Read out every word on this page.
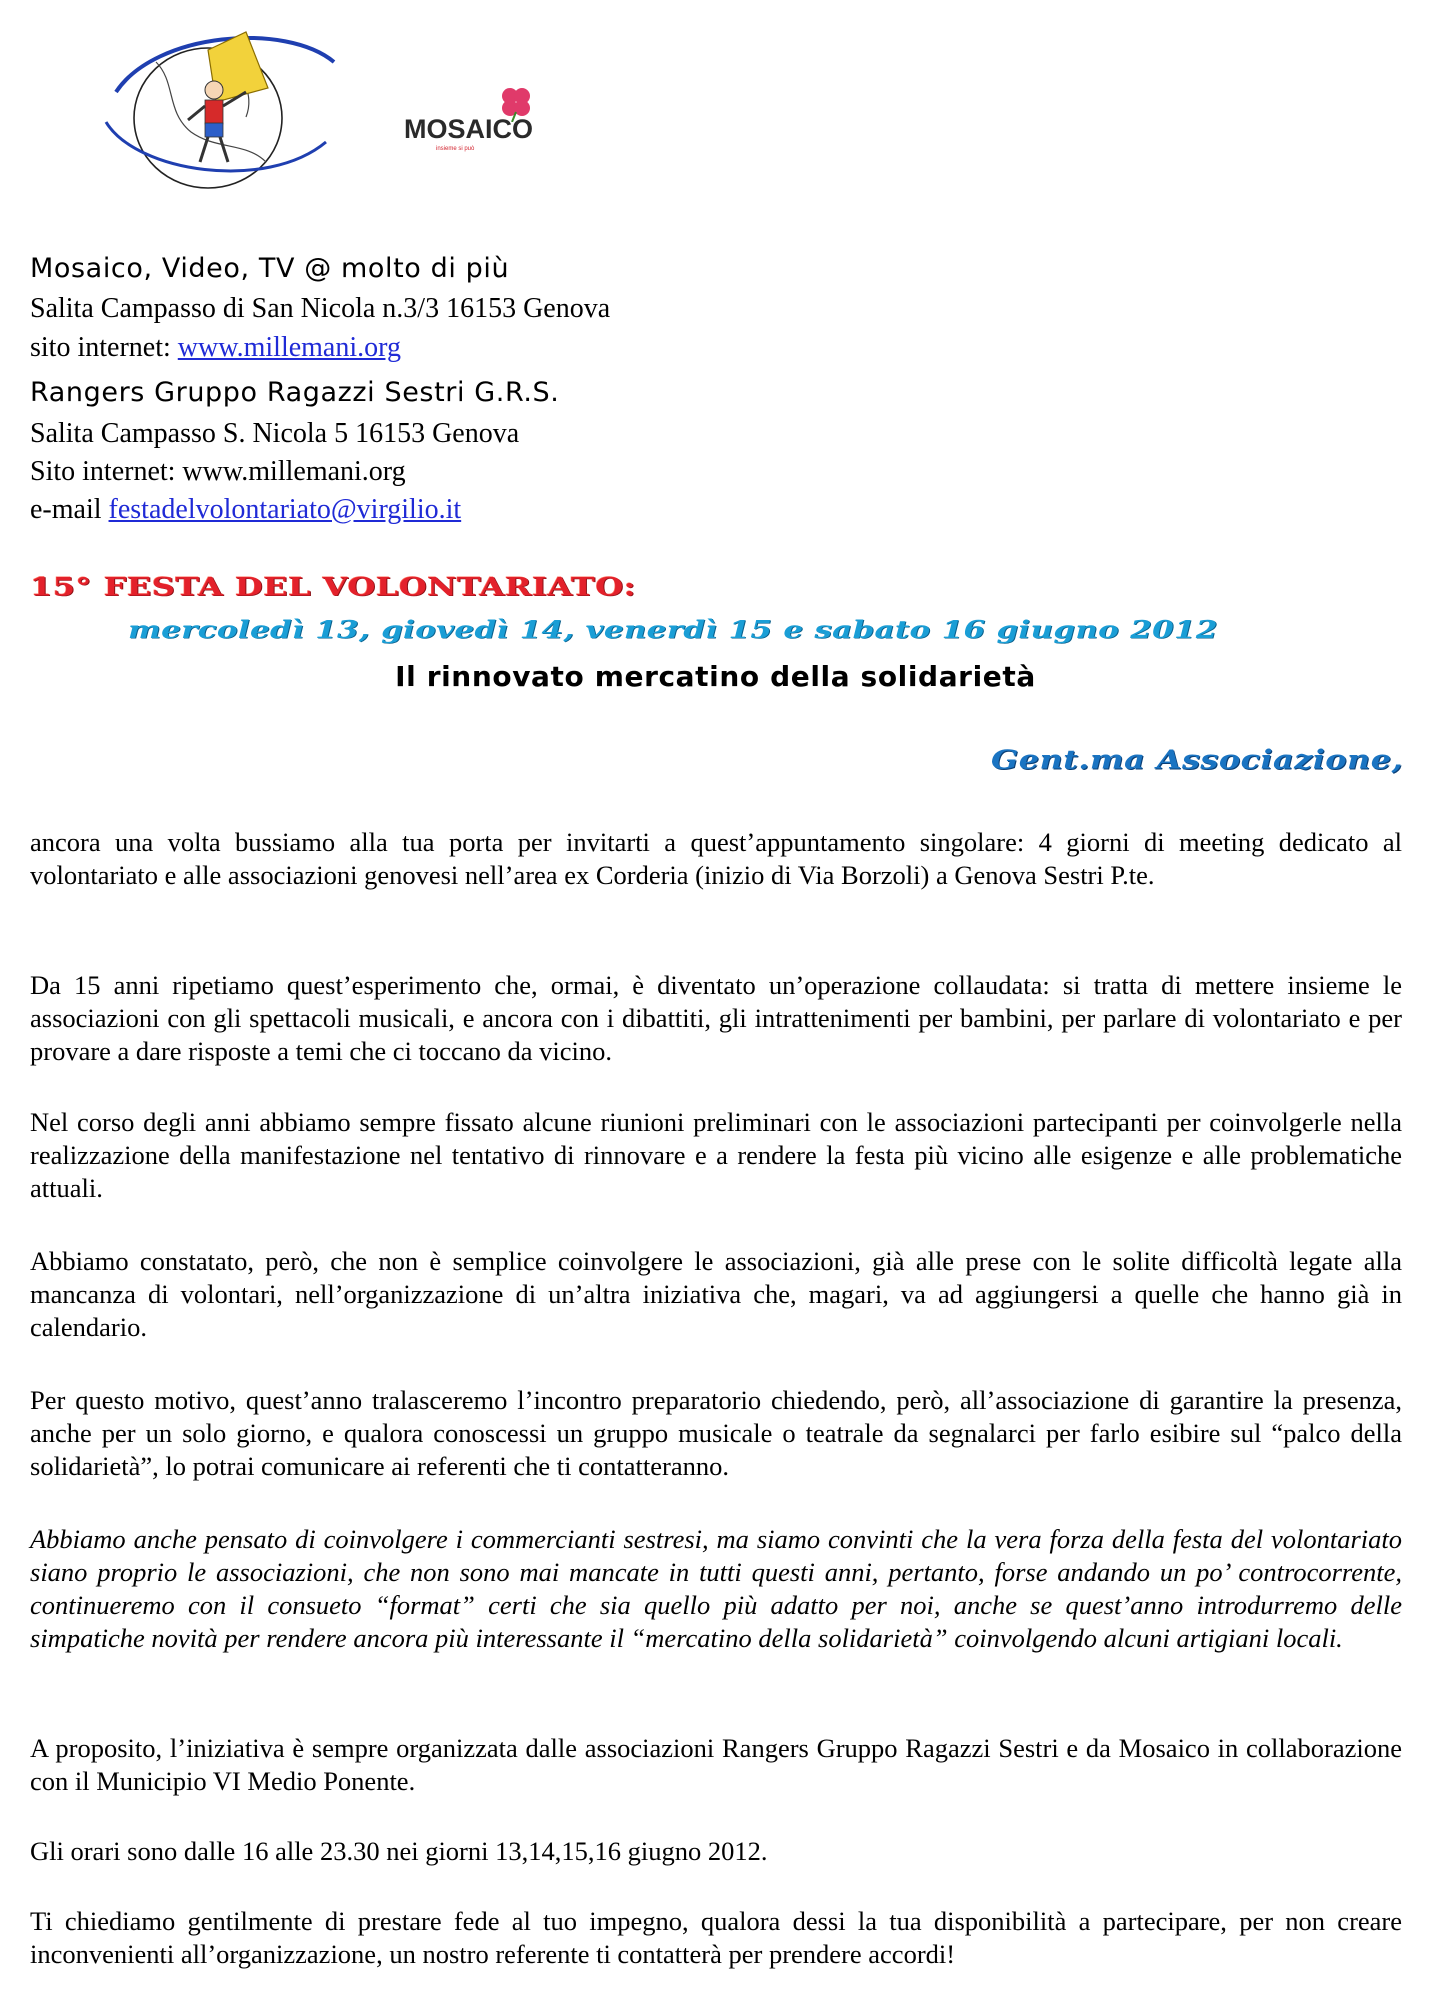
MOSAICO
insieme si può
Mosaico, Video, TV @ molto di più
Salita Campasso di San Nicola n.3/3 16153 Genova
sito internet: www.millemani.org
Rangers Gruppo Ragazzi Sestri G.R.S.
Salita Campasso S. Nicola 5 16153 Genova
Sito internet: www.millemani.org
e-mail festadelvolontariato@virgilio.it
15° FESTA DEL VOLONTARIATO:
mercoledì 13, giovedì 14, venerdì 15 e sabato 16 giugno 2012
Il rinnovato mercatino della solidarietà
Gent.ma Associazione,
ancora una volta bussiamo alla tua porta per invitarti a quest’appuntamento singolare: 4 giorni di meeting dedicato al volontariato e alle associazioni genovesi nell’area ex Corderia (inizio di Via Borzoli) a Genova Sestri P.te.
Da 15 anni ripetiamo quest’esperimento che, ormai, è diventato un’operazione collaudata: si tratta di mettere insieme le associazioni con gli spettacoli musicali, e ancora con i dibattiti, gli intrattenimenti per bambini, per parlare di volontariato e per provare a dare risposte a temi che ci toccano da vicino.
Nel corso degli anni abbiamo sempre fissato alcune riunioni preliminari con le associazioni partecipanti per coinvolgerle nella realizzazione della manifestazione nel tentativo di rinnovare e a rendere la festa più vicino alle esigenze e alle problematiche attuali.
Abbiamo constatato, però, che non è semplice coinvolgere le associazioni, già alle prese con le solite difficoltà legate alla mancanza di volontari, nell’organizzazione di un’altra iniziativa che, magari, va ad aggiungersi a quelle che hanno già in calendario.
Per questo motivo, quest’anno tralasceremo l’incontro preparatorio chiedendo, però, all’associazione di garantire la presenza, anche per un solo giorno, e qualora conoscessi un gruppo musicale o teatrale da segnalarci per farlo esibire sul “palco della solidarietà”, lo potrai comunicare ai referenti che ti contatteranno.
Abbiamo anche pensato di coinvolgere i commercianti sestresi, ma siamo convinti che la vera forza della festa del volontariato siano proprio le associazioni, che non sono mai mancate in tutti questi anni, pertanto, forse andando un po’ controcorrente, continueremo con il consueto “format” certi che sia quello più adatto per noi, anche se quest’anno introdurremo delle simpatiche novità per rendere ancora più interessante il “mercatino della solidarietà” coinvolgendo alcuni artigiani locali.
A proposito, l’iniziativa è sempre organizzata dalle associazioni Rangers Gruppo Ragazzi Sestri e da Mosaico in collaborazione con il Municipio VI Medio Ponente.
Gli orari sono dalle 16 alle 23.30 nei giorni 13,14,15,16 giugno 2012.
Ti chiediamo gentilmente di prestare fede al tuo impegno, qualora dessi la tua disponibilità a partecipare, per non creare inconvenienti all’organizzazione, un nostro referente ti contatterà per prendere accordi!
